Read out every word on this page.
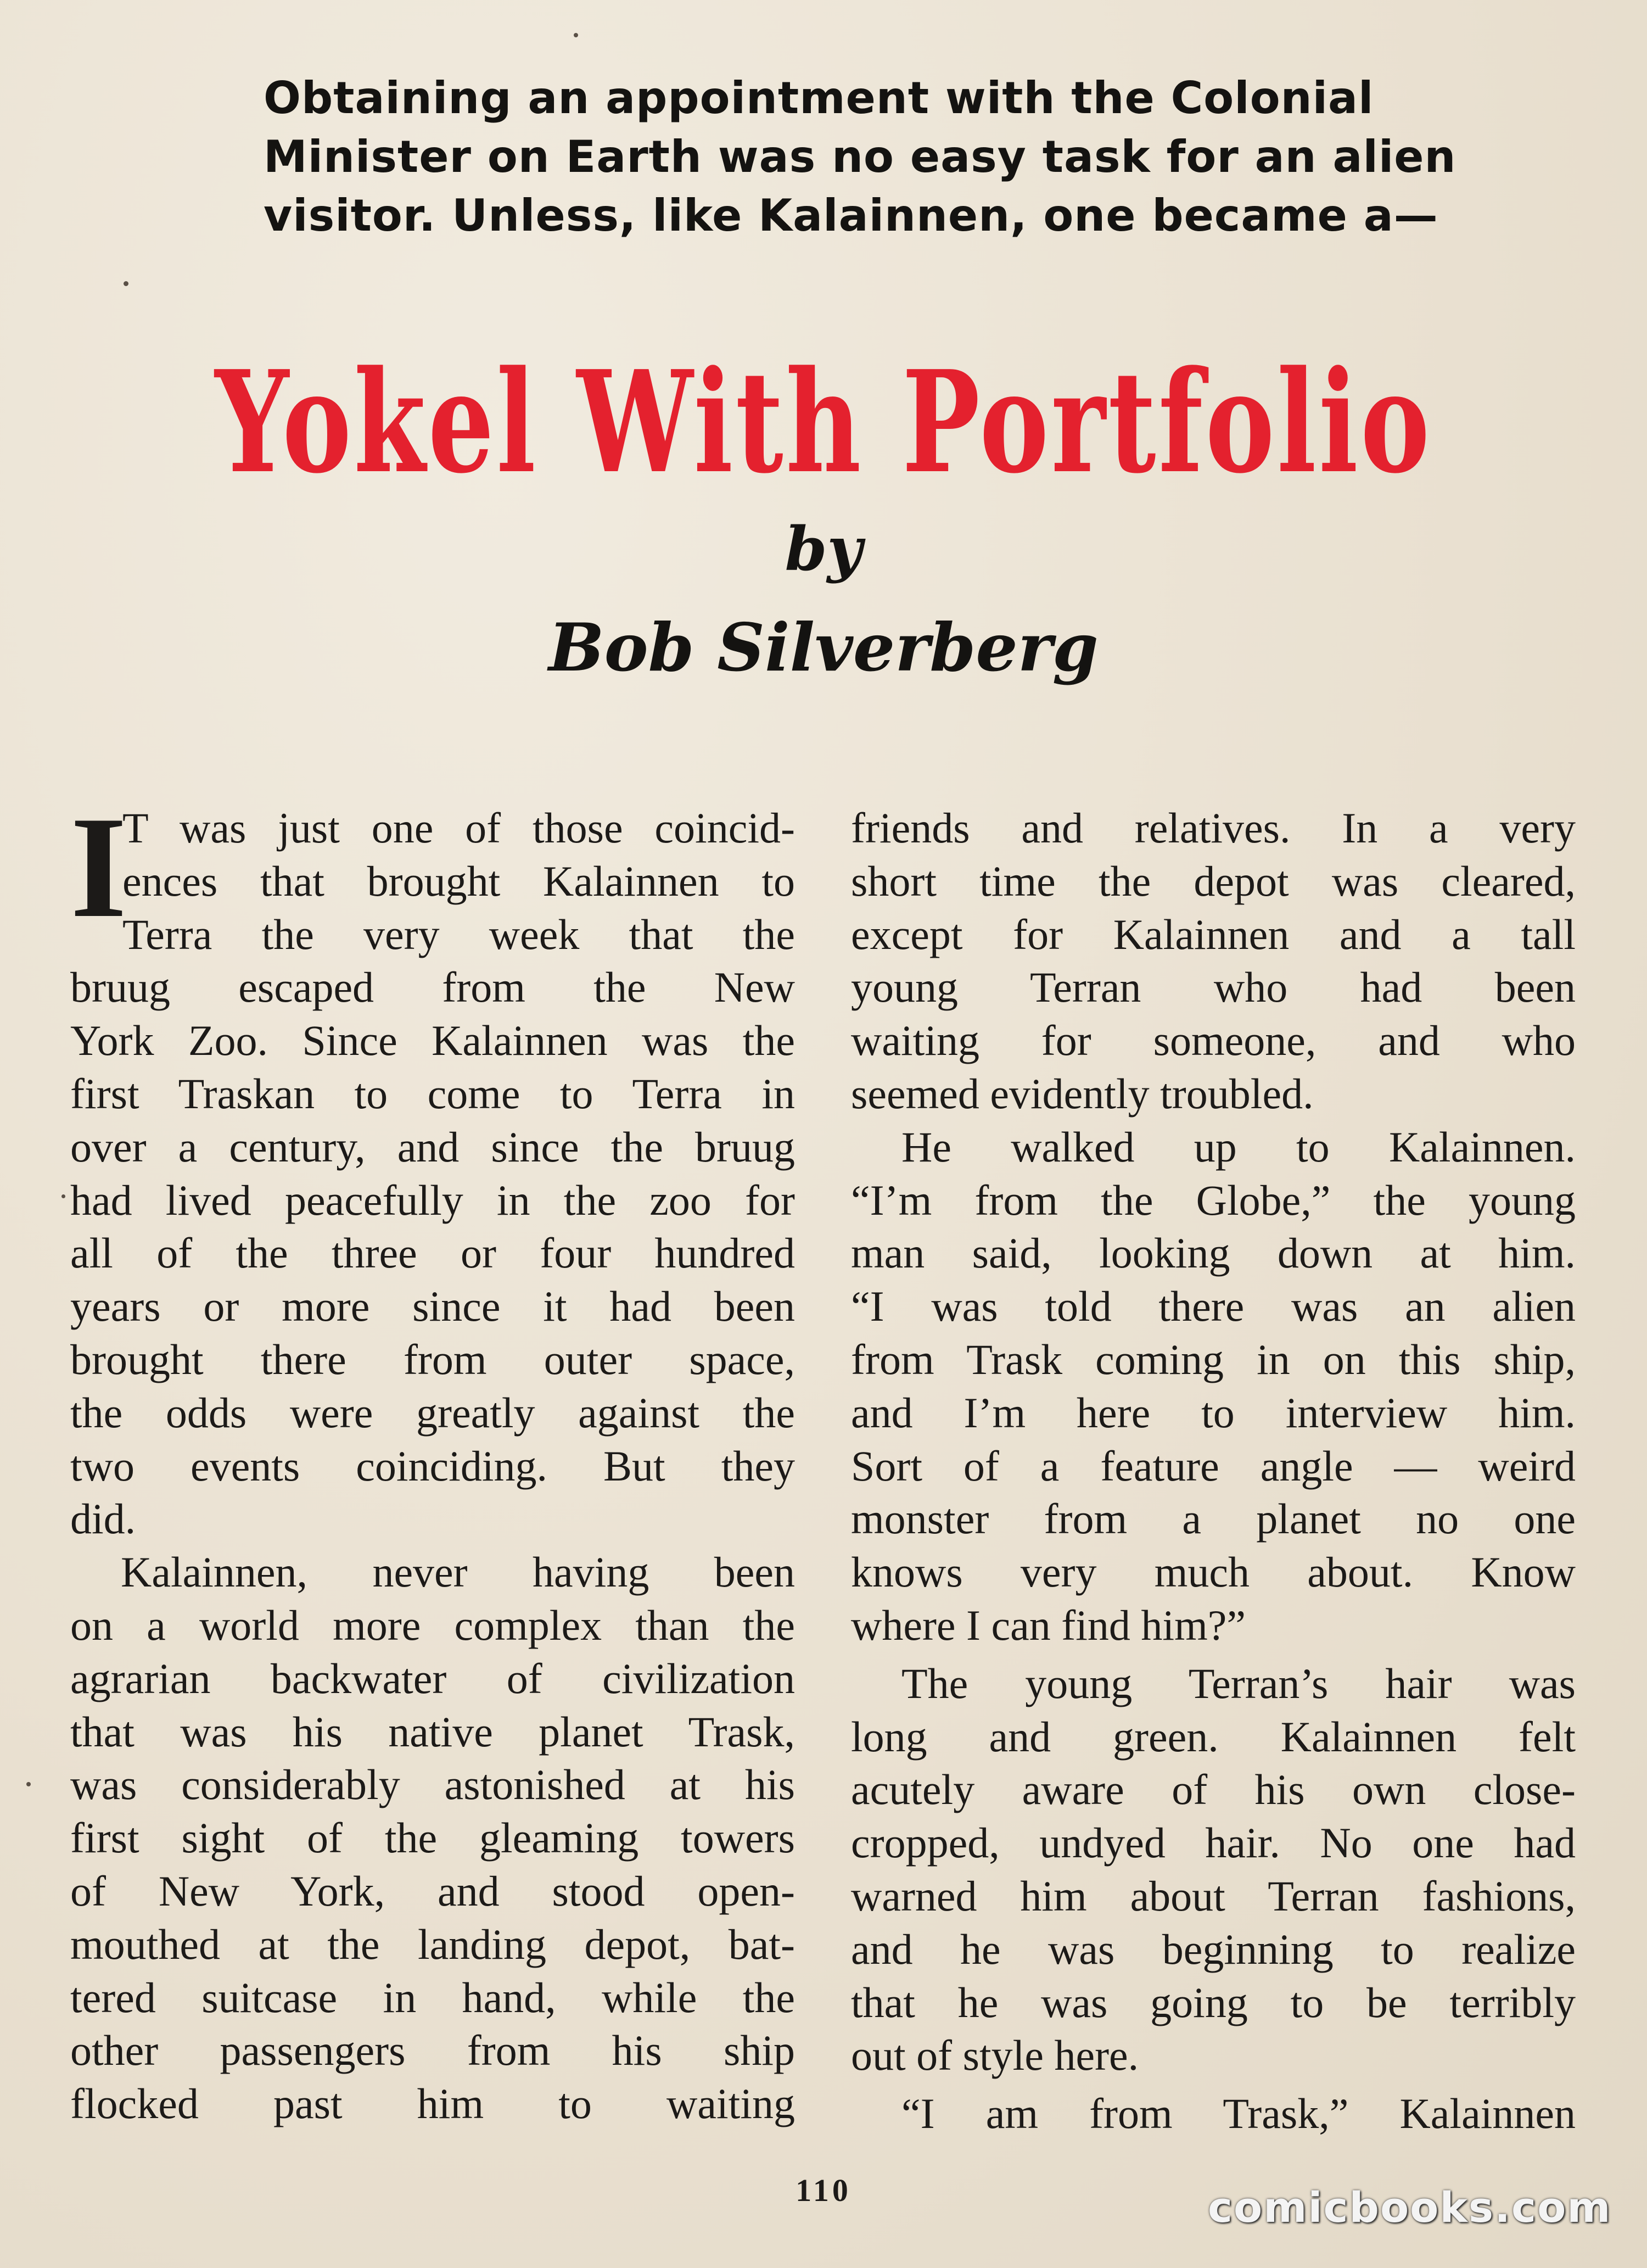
Obtaining an appointment with the Colonial
Minister on Earth was no easy task for an alien
visitor. Unless, like Kalainnen, one became a—
Yokel With Portfolio
by
Bob Silverberg
I
T was just one of those coincid-
ences that brought Kalainnen to
Terra the very week that the
bruug escaped from the New
York Zoo. Since Kalainnen was the
first Traskan to come to Terra in
over a century, and since the bruug
had lived peacefully in the zoo for
all of the three or four hundred
years or more since it had been
brought there from outer space,
the odds were greatly against the
two events coinciding. But they
did.
Kalainnen, never having been
on a world more complex than the
agrarian backwater of civilization
that was his native planet Trask,
was considerably astonished at his
first sight of the gleaming towers
of New York, and stood open-
mouthed at the landing depot, bat-
tered suitcase in hand, while the
other passengers from his ship
flocked past him to waiting
friends and relatives. In a very
short time the depot was cleared,
except for Kalainnen and a tall
young Terran who had been
waiting for someone, and who
seemed evidently troubled.
He walked up to Kalainnen.
“I’m from the Globe,” the young
man said, looking down at him.
“I was told there was an alien
from Trask coming in on this ship,
and I’m here to interview him.
Sort of a feature angle — weird
monster from a planet no one
knows very much about. Know
where I can find him?”
The young Terran’s hair was
long and green. Kalainnen felt
acutely aware of his own close-
cropped, undyed hair. No one had
warned him about Terran fashions,
and he was beginning to realize
that he was going to be terribly
out of style here.
“I am from Trask,” Kalainnen
110	comicbooks.com
